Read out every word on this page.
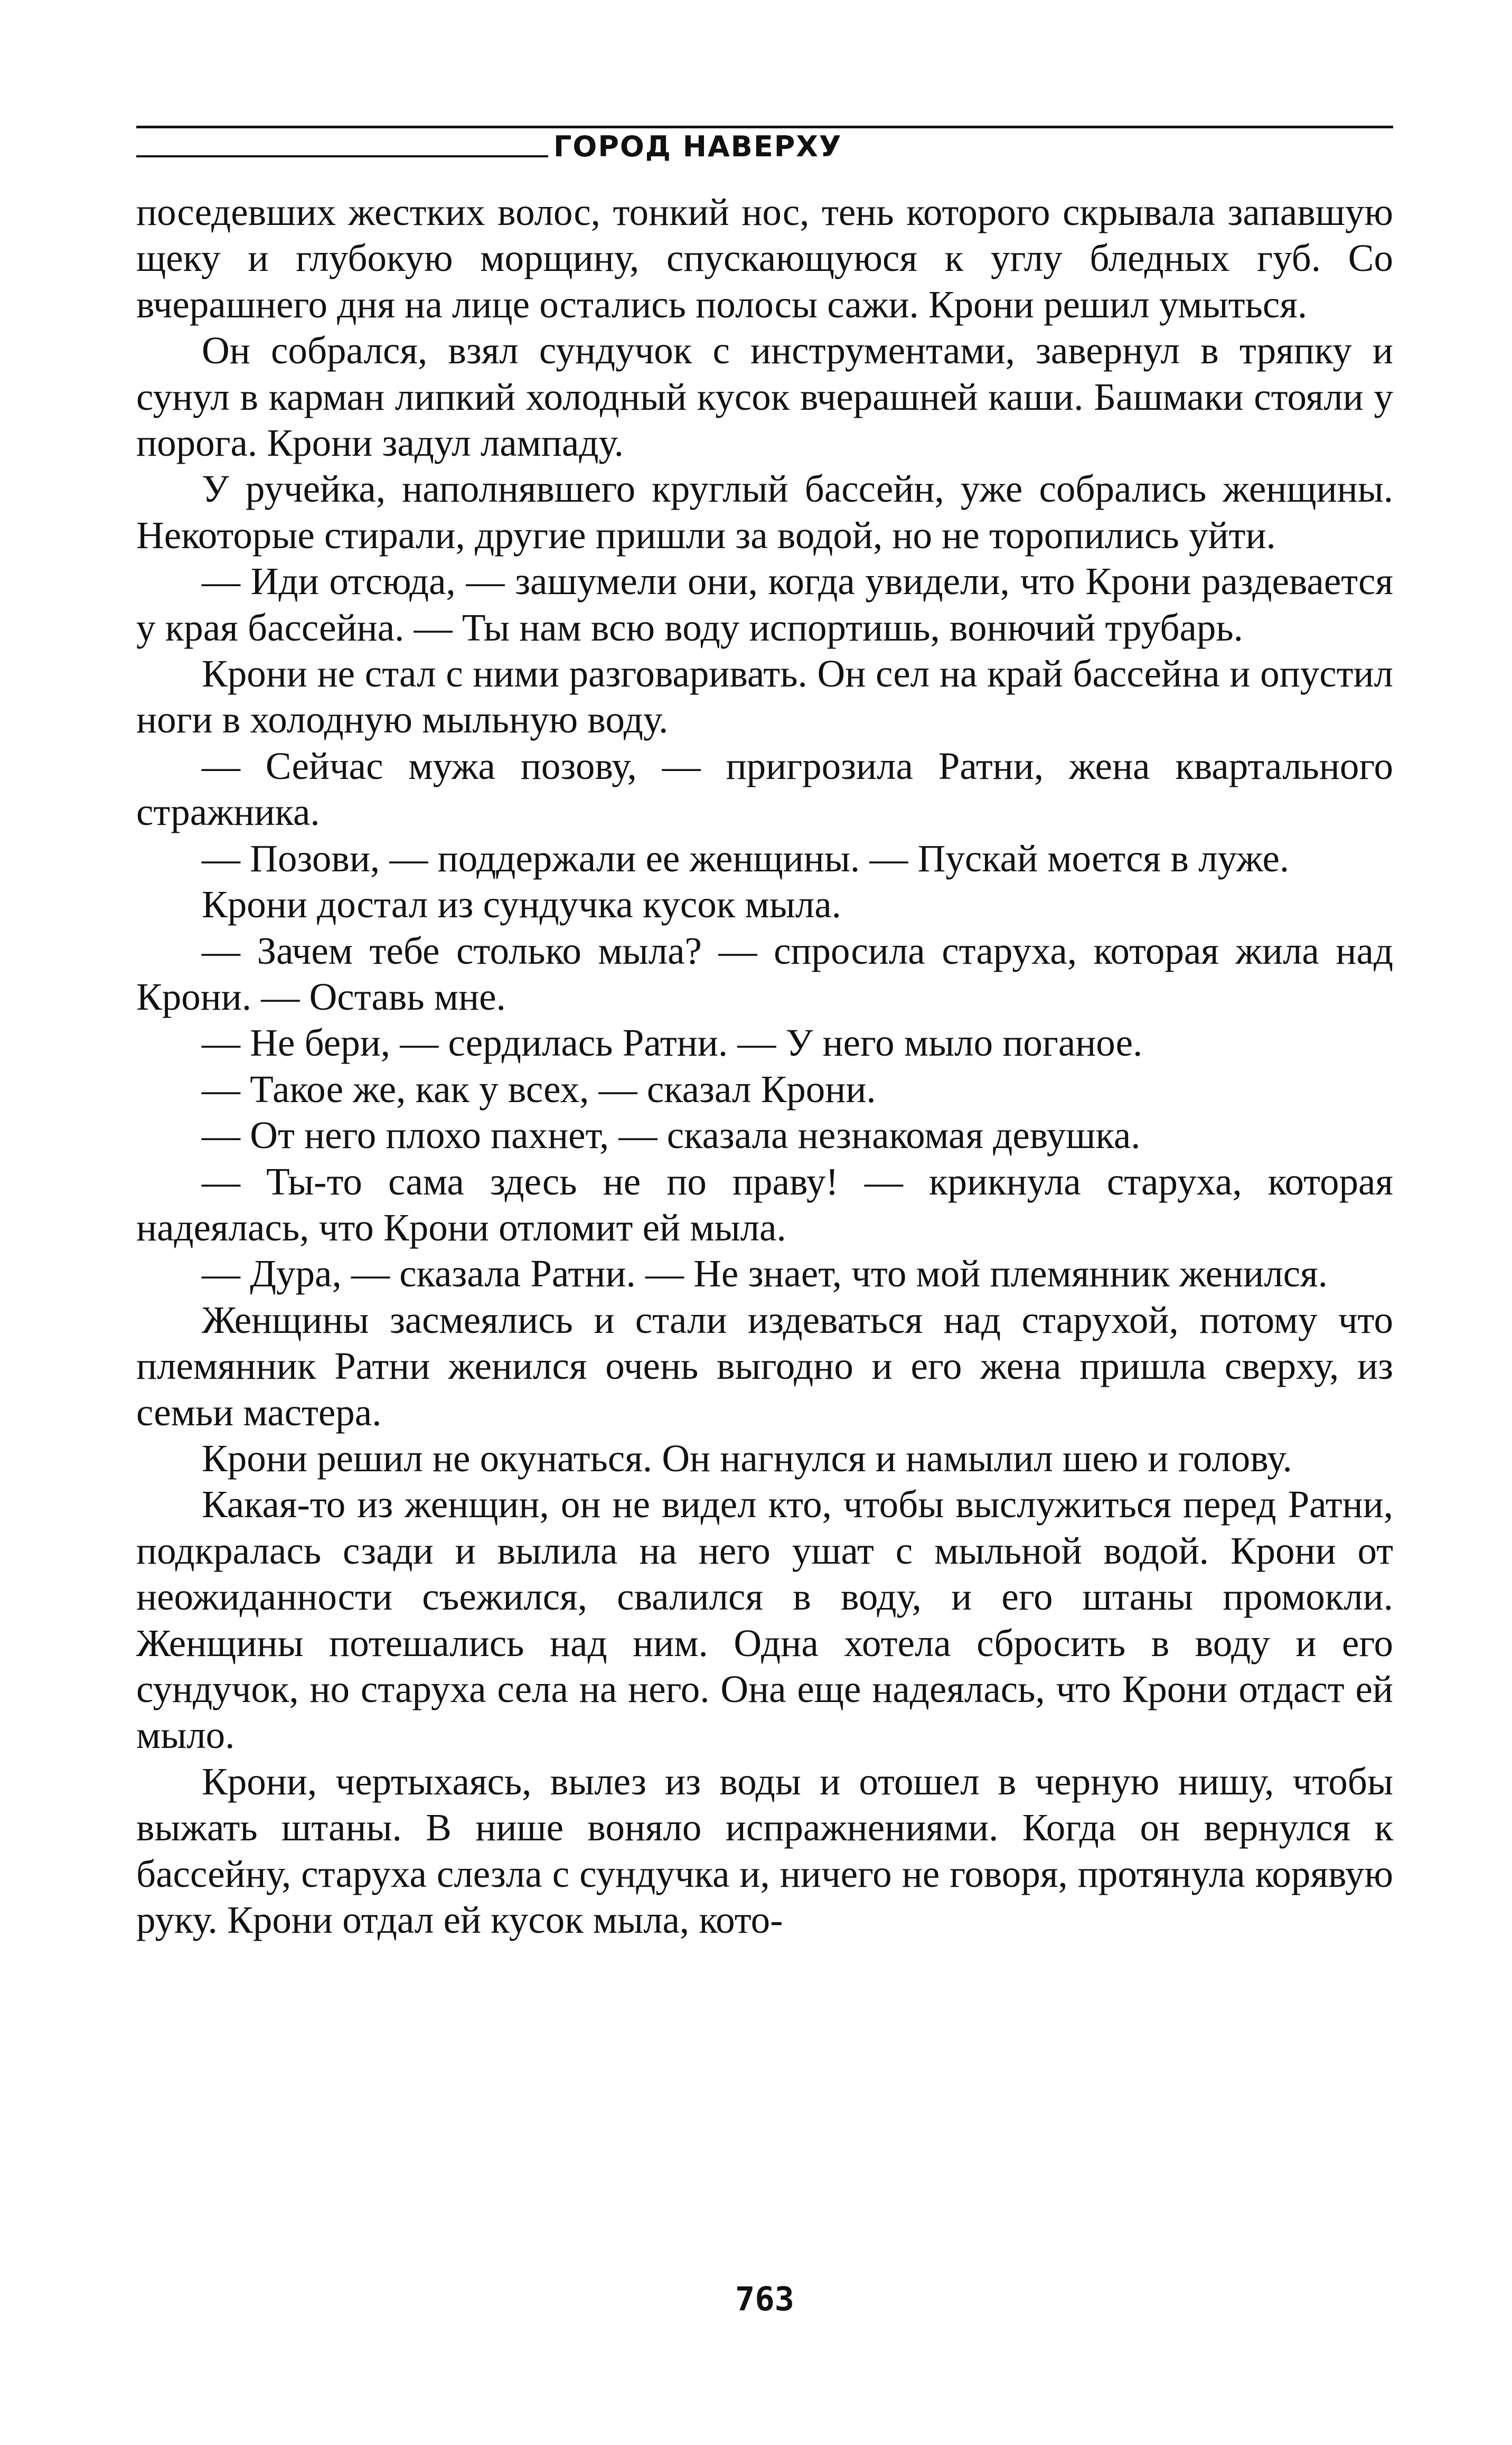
ГОРОД НАВЕРХУ

поседевших жестких волос, тонкий нос, тень которого скрывала запавшую щеку и глубокую морщину, спускающуюся к углу бледных губ. Со вчерашнего дня на лице остались полосы сажи. Крони решил умыться.

Он собрался, взял сундучок с инструментами, завернул в тряпку и сунул в карман липкий холодный кусок вчерашней каши. Башмаки стояли у порога. Крони задул лампаду.

У ручейка, наполнявшего круглый бассейн, уже собрались женщины. Некоторые стирали, другие пришли за водой, но не торопились уйти.

— Иди отсюда, — зашумели они, когда увидели, что Крони раздевается у края бассейна. — Ты нам всю воду испортишь, вонючий трубарь.

Крони не стал с ними разговаривать. Он сел на край бассейна и опустил ноги в холодную мыльную воду.

— Сейчас мужа позову, — пригрозила Ратни, жена квартального стражника.

— Позови, — поддержали ее женщины. — Пускай моется в луже.

Крони достал из сундучка кусок мыла.

— Зачем тебе столько мыла? — спросила старуха, которая жила над Крони. — Оставь мне.

— Не бери, — сердилась Ратни. — У него мыло поганое.

— Такое же, как у всех, — сказал Крони.

— От него плохо пахнет, — сказала незнакомая девушка.

— Ты-то сама здесь не по праву! — крикнула старуха, которая надеялась, что Крони отломит ей мыла.

— Дура, — сказала Ратни. — Не знает, что мой племянник женился.

Женщины засмеялись и стали издеваться над старухой, потому что племянник Ратни женился очень выгодно и его жена пришла сверху, из семьи мастера.

Крони решил не окунаться. Он нагнулся и намылил шею и голову.

Какая-то из женщин, он не видел кто, чтобы выслужиться перед Ратни, подкралась сзади и вылила на него ушат с мыльной водой. Крони от неожиданности съежился, свалился в воду, и его штаны промокли. Женщины потешались над ним. Одна хотела сбросить в воду и его сундучок, но старуха села на него. Она еще надеялась, что Крони отдаст ей мыло.

Крони, чертыхаясь, вылез из воды и отошел в черную нишу, чтобы выжать штаны. В нише воняло испражнениями. Когда он вернулся к бассейну, старуха слезла с сундучка и, ничего не говоря, протянула корявую руку. Крони отдал ей кусок мыла, кото-

763
